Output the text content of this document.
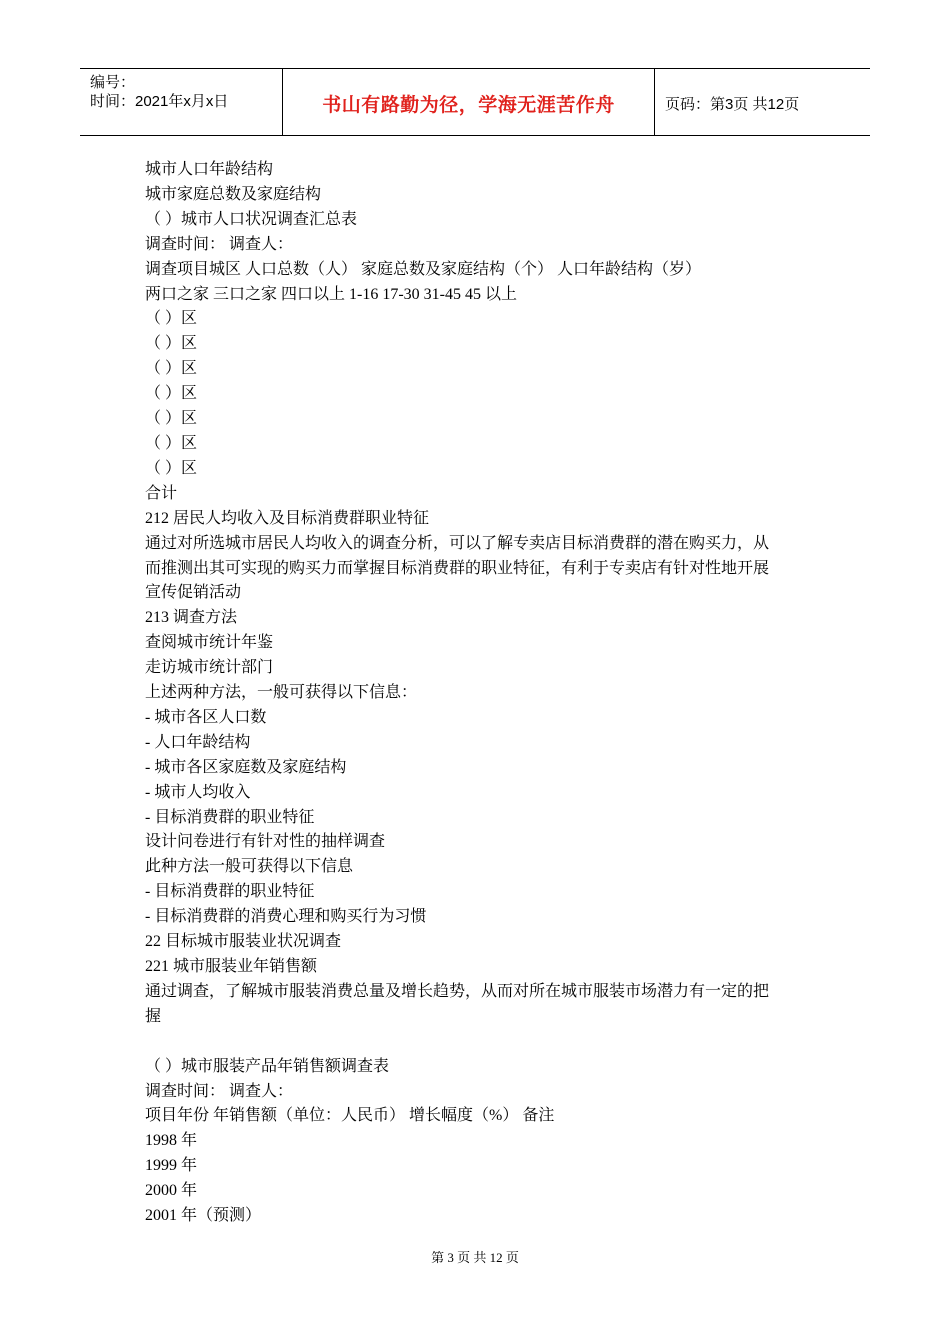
编号：
时间：2021年x月x日	书山有路勤为径，学海无涯苦作舟	页码：第3页 共12页

城市人口年龄结构

城市家庭总数及家庭结构

（ ）城市人口状况调查汇总表

调查时间： 调查人：

调查项目城区 人口总数（人） 家庭总数及家庭结构（个） 人口年龄结构（岁）

两口之家 三口之家 四口以上 1-16 17-30 31-45 45 以上

（ ）区

（ ）区

（ ）区

（ ）区

（ ）区

（ ）区

（ ）区

合计

212 居民人均收入及目标消费群职业特征

通过对所选城市居民人均收入的调查分析，可以了解专卖店目标消费群的潜在购买力，从

而推测出其可实现的购买力而掌握目标消费群的职业特征，有利于专卖店有针对性地开展

宣传促销活动

213 调查方法

查阅城市统计年鉴

走访城市统计部门

上述两种方法，一般可获得以下信息：

- 城市各区人口数

- 人口年龄结构

- 城市各区家庭数及家庭结构

- 城市人均收入

- 目标消费群的职业特征

设计问卷进行有针对性的抽样调查

此种方法一般可获得以下信息

- 目标消费群的职业特征

- 目标消费群的消费心理和购买行为习惯

22 目标城市服装业状况调查

221 城市服装业年销售额

通过调查，了解城市服装消费总量及增长趋势，从而对所在城市服装市场潜力有一定的把

握

（ ）城市服装产品年销售额调查表

调查时间： 调查人：

项目年份 年销售额（单位：人民币） 增长幅度（%） 备注

1998 年

1999 年

2000 年

2001 年（预测）

第 3 页 共 12 页
